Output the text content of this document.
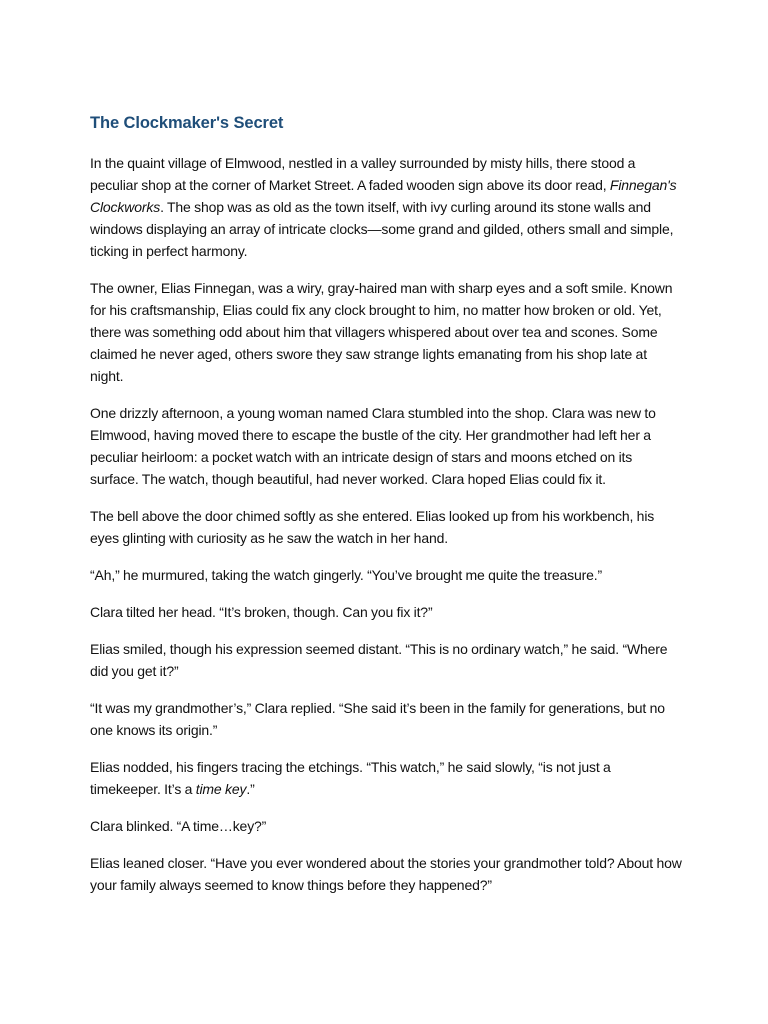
The Clockmaker's Secret

In the quaint village of Elmwood, nestled in a valley surrounded by misty hills, there stood a peculiar shop at the corner of Market Street. A faded wooden sign above its door read, Finnegan's Clockworks. The shop was as old as the town itself, with ivy curling around its stone walls and windows displaying an array of intricate clocks—some grand and gilded, others small and simple, ticking in perfect harmony.

The owner, Elias Finnegan, was a wiry, gray-haired man with sharp eyes and a soft smile. Known for his craftsmanship, Elias could fix any clock brought to him, no matter how broken or old. Yet, there was something odd about him that villagers whispered about over tea and scones. Some claimed he never aged, others swore they saw strange lights emanating from his shop late at night.

One drizzly afternoon, a young woman named Clara stumbled into the shop. Clara was new to Elmwood, having moved there to escape the bustle of the city. Her grandmother had left her a peculiar heirloom: a pocket watch with an intricate design of stars and moons etched on its surface. The watch, though beautiful, had never worked. Clara hoped Elias could fix it.

The bell above the door chimed softly as she entered. Elias looked up from his workbench, his eyes glinting with curiosity as he saw the watch in her hand.

“Ah,” he murmured, taking the watch gingerly. “You’ve brought me quite the treasure.”

Clara tilted her head. “It’s broken, though. Can you fix it?”

Elias smiled, though his expression seemed distant. “This is no ordinary watch,” he said. “Where did you get it?”

“It was my grandmother’s,” Clara replied. “She said it’s been in the family for generations, but no one knows its origin.”

Elias nodded, his fingers tracing the etchings. “This watch,” he said slowly, “is not just a timekeeper. It’s a time key.”

Clara blinked. “A time…key?”

Elias leaned closer. “Have you ever wondered about the stories your grandmother told? About how your family always seemed to know things before they happened?”
